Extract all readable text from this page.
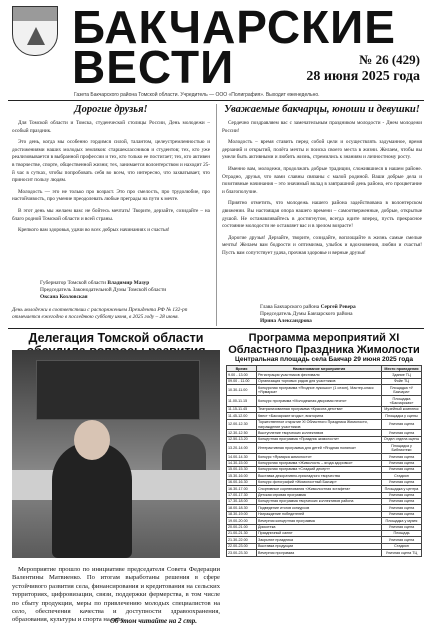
БАКЧАРСКИЕ
ВЕСТИ	№ 26 (429)
28 июня 2025 года
Газета Бакчарского района Томской области. Учредитель — ООО «Полиграфия». Выходит еженедельно.
Дорогие друзья!

Для Томской области и Томска, студенческой столицы России, День молодежи – особый праздник.

Это день, когда мы особенно гордимся силой, талантом, целеустремленностью и достижениями наших молодых земляков: старшеклассников и студентов; тех, кто уже реализовывается в выбранной профессии и тех, кто только ее постигает; тех, кто активен в творчестве, спорте, общественной жизни; тех, занимается волонтерством и находит 25-й час в сутках, чтобы попробовать себя во всем, что интересно, что захватывает, что приносит пользу людям.

Молодость — это не только про возраст. Это про смелость, про трудолюбие, про настойчивость, про умение преодолевать любые преграды на пути к мечте.

В этот день мы желаем вам: не бойтесь мечтать! Творите, дерзайте, созидайте – на благо родной Томской области и всей страны.

Крепкого вам здоровья, удачи во всех добрых начинаниях и счастья!

Губернатор Томской области Владимир Мазур
Председатель Законодательной Думы Томской области
Оксана Козловская
День молодежи в соответствии с распоряжением Президента РФ № 132-рп отмечается ежегодно в последнюю субботу июня, в 2025 году – 28 июня.
Уважаемые бакчарцы, юноши и девушки!

Сердечно поздравляем вас с замечательным праздником молодости - Днем молодежи России!

Молодость – время ставить перед собой цели и осуществлять задуманное, время дерзаний и открытий, полёта мечты и поиска своего места в жизни. Желаем, чтобы вы умели быть активными и любить жизнь, стремились к знаниям и личностному росту.

Именно вам, молодежи, продолжать добрые традиции, сложившиеся в нашем районе. Отрадно, друзья, что вами славны связаны с малой родиной. Ваши добрые дела и позитивные начинания – это значимый вклад в завтрашний день района, его процветание и благополучие.

Приятно отметить, что молодежь нашего района задействована в волонтерском движении. Вы настоящая опора нашего времени – самоотверженные, добрые, открытые душой. Не останавливайтесь в достигнутом, всегда идите вперед, пусть прекрасное состояние молодости не оставляет вас и в зрелом возрасте!

Дорогие друзья! Дерзайте, творите, созидайте, воплощайте в жизнь самые смелые мечты! Желаем вам бодрости и оптимизма, улыбок и вдохновения, любви и счастья! Пусть вам сопутствует удача, прочная здоровье и верные друзья!

Глава Бакчарского района Сергей Ревера
Председатель Думы Бакчарского района
Ирина Александрова
Делегация Томской области
Мероприятие прошло по инициативе председателя Совета Федерации Валентины Матвиенко. По итогам выработаны решения в сфере устойчивого развития села, финансирования и кредитования на сельских территориях, цифровизации, связи, поддержки фермерства, в том числе по сбыту продукции, меры по привлечению молодых специалистов на село, обеспечения качества и доступности здравоохранения, образования, культуры и спорта на селе.
Об этом читайте на 2 стр.
Программа мероприятий XI Областного Праздника Жимолости
Центральная площадь села Бакчар 29 июня 2025 года
Время	Наименование мероприятия	Место проведения
9.00 - 13.00	Регистрация участников фестиваля	Здание ТЦ
09.00 - 11.00	Организация торговых рядов для участников	Фойе ТЦ
10.30-11.00	Конкурсная программа «Ягодное лукошко» (1 сезон), Мастер-класс «Ярмарка»	Площадка «У Бакчара»
11.00-11.15	Конкурс программа «Молодежная дворовая песня»	Площадка «Бакчарская»
11.15-11.45	Театрализованная программа «Красота детства»	Музейный комплекс
11.45-12.00	Квест «Бакчарские ягоды», викторина	Площадка у сцены
12.00-12.30	Торжественное открытие XI Областного Праздника Жимолости, награждение участников	Уличная сцена
12.30-12.50	Выступление творческих коллективов	Уличная сцена
12.50-13.20	Концертная программа «Праздник жимолости»	Отдел отдела сцены
13.20-14.00	Интерактивная программа для детей «Ягодная полянка»	Площадка у Библиотеки
14.00-14.30	Конкурс «Ярмарка жимолости»	Уличная сцена
14.30-15.00	Конкурсная программа «Жимолость – ягода здоровья»	Уличная сцена
15.00-15.30	Конкурсная программа «Сладкий десерт»	Уличная сцена
15.30-16.00	Выставка декоративно-прикладного творчества	Стадион
16.00-16.30	Конкурс фотографий «Жимолостный Бакчар»	Уличная сцена
16.30-17.00	Спортивные соревнования «Жимолостная эстафета»	Площадка у центра
17.00-17.30	Детская игровая программа	Уличная сцена
17.30-18.00	Концертная программа творческих коллективов района	Уличная сцена
18.00-18.30	Подведение итогов конкурсов	Уличная сцена
18.30-19.00	Награждение победителей	Уличная сцена
19.00-20.00	Вечерняя концертная программа	Площадка у музея
20.00-21.00	Дискотека	Уличная сцена
21.00-21.30	Праздничный салют	Площадь
21.30-22.00	Закрытие праздника	Уличная сцена
22.00-23.00	Выставка продукции	Стадион
23.00-23.30	Вечерняя программа	Уличная сцена ТЦ
